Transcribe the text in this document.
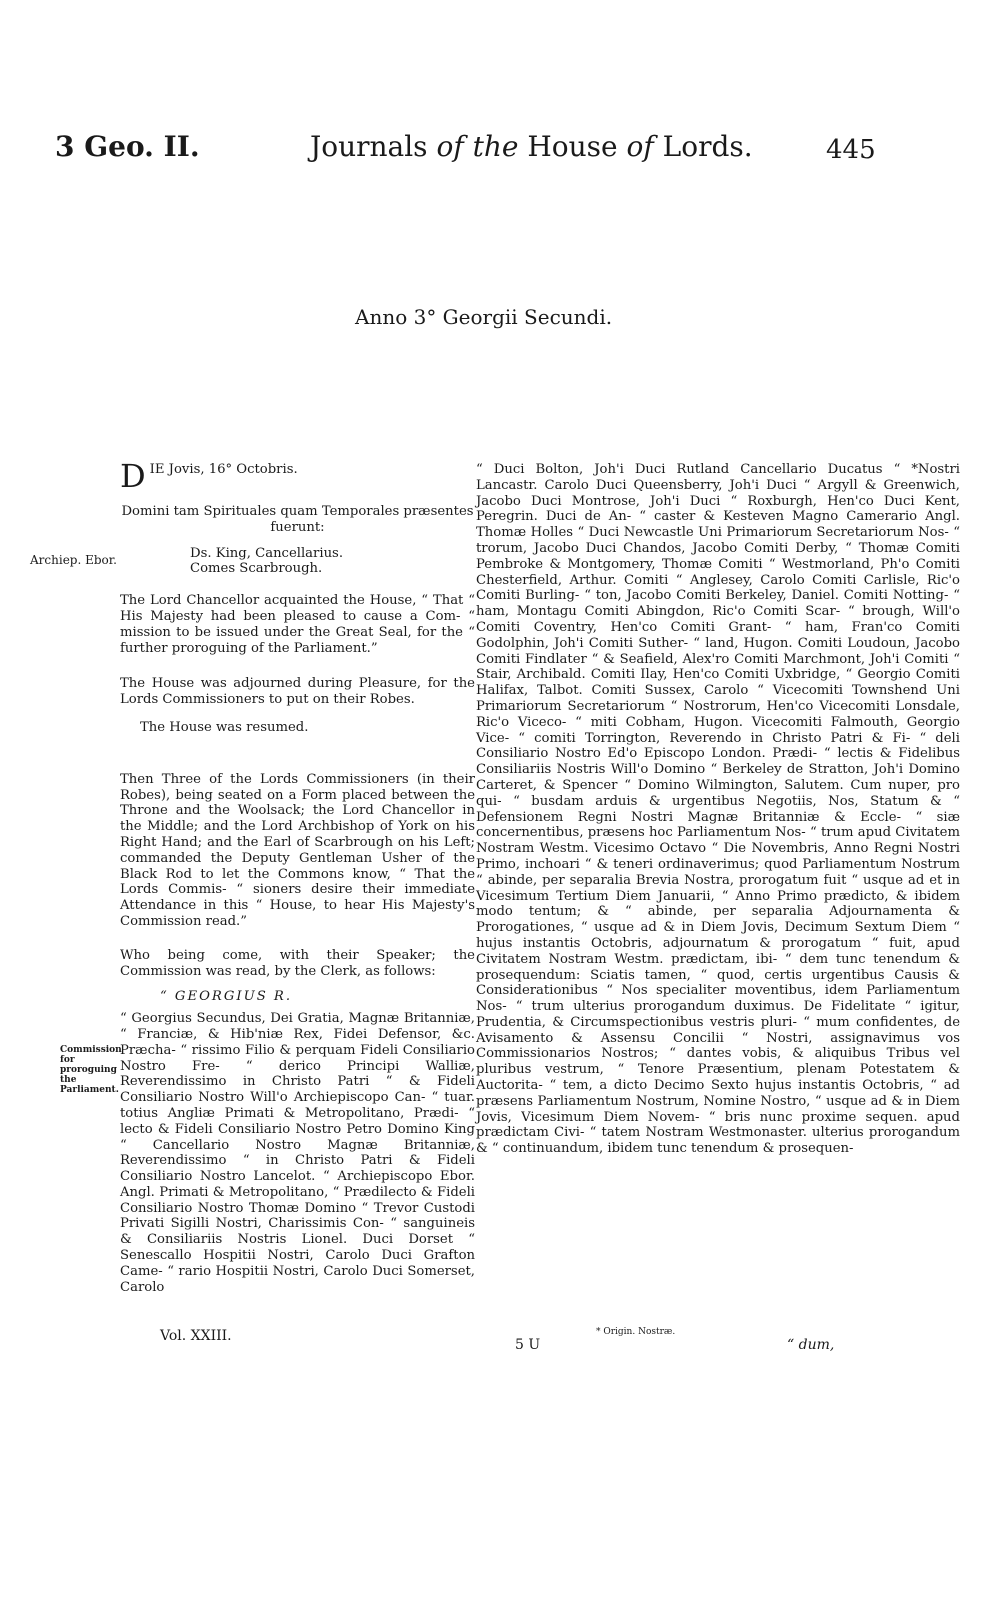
3 Geo. II.	Journals of the House of Lords.	445
Anno 3° Georgii Secundi.
Archiep. Ebor.
Commission for proroguing the Parliament.

D IE Jovis, 16° Octobris.

Domini tam Spirituales quam Temporales præsentes fuerunt:

Ds. King, Cancellarius.

Comes Scarbrough.

The Lord Chancellor acquainted the House, “ That “ His Majesty had been pleased to cause a Com- “ mission to be issued under the Great Seal, for the “ further proroguing of the Parliament.”

The House was adjourned during Pleasure, for the Lords Commissioners to put on their Robes.

The House was resumed.

Then Three of the Lords Commissioners (in their Robes), being seated on a Form placed between the Throne and the Woolsack; the Lord Chancellor in the Middle; and the Lord Archbishop of York on his Right Hand; and the Earl of Scarbrough on his Left; commanded the Deputy Gentleman Usher of the Black Rod to let the Commons know, “ That the Lords Commis- “ sioners desire their immediate Attendance in this “ House, to hear His Majesty's Commission read.”

Who being come, with their Speaker; the Commission was read, by the Clerk, as follows:

“ GEORGIUS R.

“ Georgius Secundus, Dei Gratia, Magnæ Britanniæ, “ Franciæ, & Hib'niæ Rex, Fidei Defensor, &c. Præcha- “ rissimo Filio & perquam Fideli Consiliario Nostro Fre- “ derico Principi Walliæ, Reverendissimo in Christo Patri “ & Fideli Consiliario Nostro Will'o Archiepiscopo Can- “ tuar. totius Angliæ Primati & Metropolitano, Prædi- “ lecto & Fideli Consiliario Nostro Petro Domino King “ Cancellario Nostro Magnæ Britanniæ, Reverendissimo “ in Christo Patri & Fideli Consiliario Nostro Lancelot. “ Archiepiscopo Ebor. Angl. Primati & Metropolitano, “ Prædilecto & Fideli Consiliario Nostro Thomæ Domino “ Trevor Custodi Privati Sigilli Nostri, Charissimis Con- “ sanguineis & Consiliariis Nostris Lionel. Duci Dorset “ Senescallo Hospitii Nostri, Carolo Duci Grafton Came- “ rario Hospitii Nostri, Carolo Duci Somerset, Carolo

“ Duci Bolton, Joh'i Duci Rutland Cancellario Ducatus “ *Nostri Lancastr. Carolo Duci Queensberry, Joh'i Duci “ Argyll & Greenwich, Jacobo Duci Montrose, Joh'i Duci “ Roxburgh, Hen'co Duci Kent, Peregrin. Duci de An- “ caster & Kesteven Magno Camerario Angl. Thomæ Holles “ Duci Newcastle Uni Primariorum Secretariorum Nos- “ trorum, Jacobo Duci Chandos, Jacobo Comiti Derby, “ Thomæ Comiti Pembroke & Montgomery, Thomæ Comiti “ Westmorland, Ph'o Comiti Chesterfield, Arthur. Comiti “ Anglesey, Carolo Comiti Carlisle, Ric'o Comiti Burling- “ ton, Jacobo Comiti Berkeley, Daniel. Comiti Notting- “ ham, Montagu Comiti Abingdon, Ric'o Comiti Scar- “ brough, Will'o Comiti Coventry, Hen'co Comiti Grant- “ ham, Fran'co Comiti Godolphin, Joh'i Comiti Suther- “ land, Hugon. Comiti Loudoun, Jacobo Comiti Findlater “ & Seafield, Alex'ro Comiti Marchmont, Joh'i Comiti “ Stair, Archibald. Comiti Ilay, Hen'co Comiti Uxbridge, “ Georgio Comiti Halifax, Talbot. Comiti Sussex, Carolo “ Vicecomiti Townshend Uni Primariorum Secretariorum “ Nostrorum, Hen'co Vicecomiti Lonsdale, Ric'o Viceco- “ miti Cobham, Hugon. Vicecomiti Falmouth, Georgio Vice- “ comiti Torrington, Reverendo in Christo Patri & Fi- “ deli Consiliario Nostro Ed'o Episcopo London. Prædi- “ lectis & Fidelibus Consiliariis Nostris Will'o Domino “ Berkeley de Stratton, Joh'i Domino Carteret, & Spencer “ Domino Wilmington, Salutem. Cum nuper, pro qui- “ busdam arduis & urgentibus Negotiis, Nos, Statum & “ Defensionem Regni Nostri Magnæ Britanniæ & Eccle- “ siæ concernentibus, præsens hoc Parliamentum Nos- “ trum apud Civitatem Nostram Westm. Vicesimo Octavo “ Die Novembris, Anno Regni Nostri Primo, inchoari “ & teneri ordinaverimus; quod Parliamentum Nostrum “ abinde, per separalia Brevia Nostra, prorogatum fuit “ usque ad et in Vicesimum Tertium Diem Januarii, “ Anno Primo prædicto, & ibidem modo tentum; & “ abinde, per separalia Adjournamenta & Prorogationes, “ usque ad & in Diem Jovis, Decimum Sextum Diem “ hujus instantis Octobris, adjournatum & prorogatum “ fuit, apud Civitatem Nostram Westm. prædictam, ibi- “ dem tunc tenendum & prosequendum: Sciatis tamen, “ quod, certis urgentibus Causis & Considerationibus “ Nos specialiter moventibus, idem Parliamentum Nos- “ trum ulterius prorogandum duximus. De Fidelitate “ igitur, Prudentia, & Circumspectionibus vestris pluri- “ mum confidentes, de Avisamento & Assensu Concilii “ Nostri, assignavimus vos Commissionarios Nostros; “ dantes vobis, & aliquibus Tribus vel pluribus vestrum, “ Tenore Præsentium, plenam Potestatem & Auctorita- “ tem, a dicto Decimo Sexto hujus instantis Octobris, “ ad præsens Parliamentum Nostrum, Nomine Nostro, “ usque ad & in Diem Jovis, Vicesimum Diem Novem- “ bris nunc proxime sequen. apud prædictam Civi- “ tatem Nostram Westmonaster. ulterius prorogandum & “ continuandum, ibidem tunc tenendum & prosequen-
Vol. XXIII.
5 U
* Origin. Nostræ.
“ dum,
